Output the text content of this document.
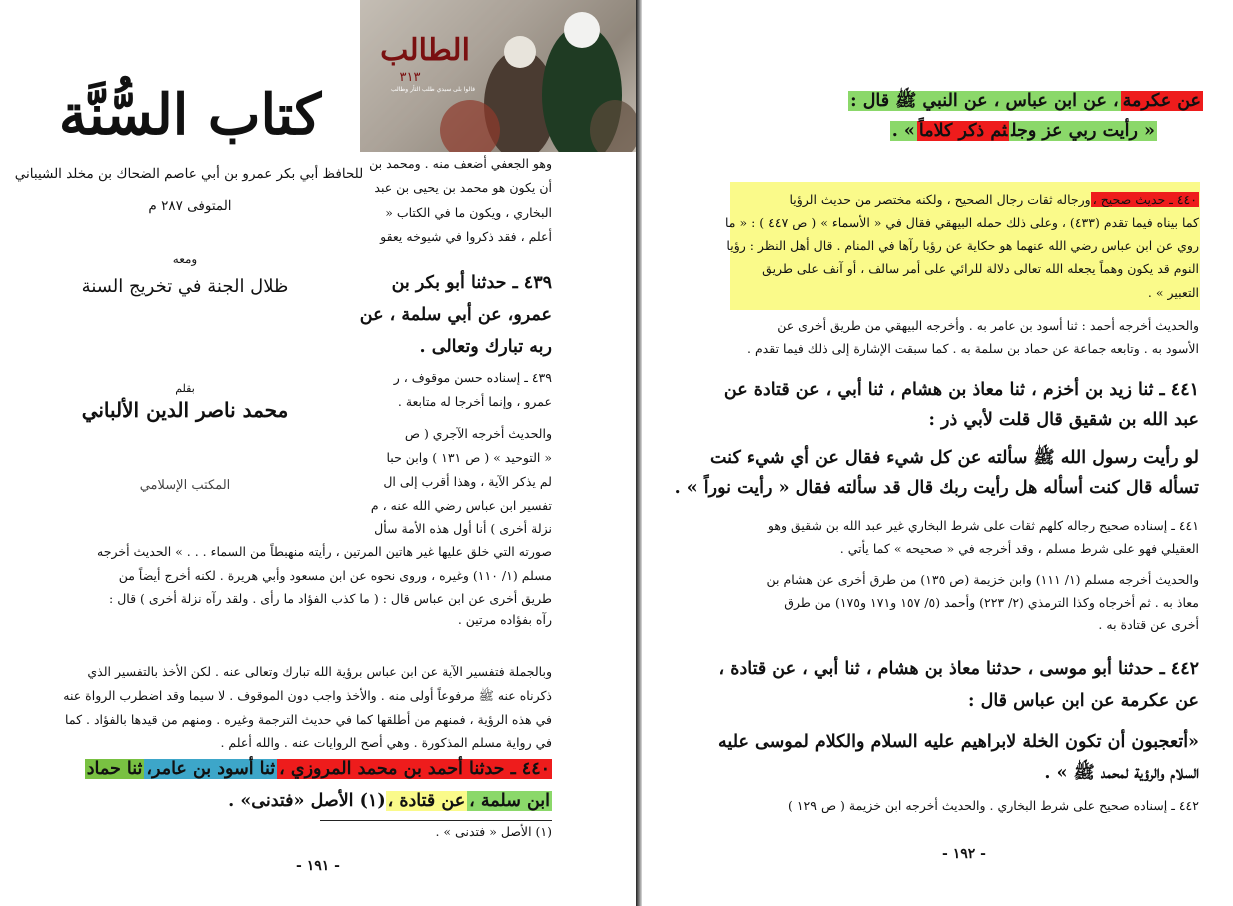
كتاب السُّنَّة
للحافظ أبي بكر عمرو بن أبي عاصم الضحاك بن مخلد الشيباني
المتوفى ٢٨٧ م
ومعه
ظلال الجنة في تخريج السنة
بقلم
محمد ناصر الدين الألباني
المكتب الإسلامي

وهو الجعفي أضعف منه . ومحمد بن

أن يكون هو محمد بن يحيى بن عبد

البخاري ، ويكون ما في الكتاب «

أعلم ، فقد ذكروا في شيوخه يعقو

٤٣٩ ـ حدثنا أبو بكر بن

عمرو، عن أبي سلمة ، عن

ربه تبارك وتعالى .

٤٣٩ ـ إسناده حسن موقوف ، ر

عمرو ، وإنما أخرجا له متابعة .

والحديث أخرجه الآجري ( ص

« التوحيد » ( ص ١٣١ ) وابن حبا

لم يذكر الآية ، وهذا أقرب إلى ال

تفسير ابن عباس رضي الله عنه ، م

نزلة أخرى ) أنا أول هذه الأمة سأل

صورته التي خلق عليها غير هاتين المرتين ، رأيته منهبطاً من السماء . . . » الحديث أخرجه

مسلم (١/ ١١٠) وغيره ، وروى نحوه عن ابن مسعود وأبي هريرة . لكنه أخرج أيضاً من

طريق أخرى عن ابن عباس قال : ( ما كذب الفؤاد ما رأى . ولقد رآه نزلة أخرى ) قال :

رآه بفؤاده مرتين .

وبالجملة فتفسير الآية عن ابن عباس برؤية الله تبارك وتعالى عنه . لكن الأخذ بالتفسير الذي

ذكرناه عنه ﷺ مرفوعاً أولى منه . والأخذ واجب دون الموقوف . لا سيما وقد اضطرب الرواة عنه

في هذه الرؤية ، فمنهم من أطلقها كما في حديث الترجمة وغيره . ومنهم من قيدها بالفؤاد . كما

في رواية مسلم المذكورة . وهي أصح الروايات عنه . والله أعلم .

٤٤٠ ـ حدثنا أحمد بن محمد المروزي ،ثنا أسود بن عامر،ثنا حماد
ابن سلمة ،عن قتادة ،(١) الأصل «فتدنى» .

(١) الأصل « فتدنى » .

- ١٩١ -
الطالب
٣١٣
قالوا بلى سيدي طلب الثأر وطالب
عن عكرمة، عن ابن عباس ، عن النبي ﷺ قال :
« رأيت ربي عز وجلثم ذكر كلاماً» .
٤٤٠ ـ حديث صحيح ،ورجاله ثقات رجال الصحيح ، ولكنه مختصر من حديث الرؤيا

كما بيناه فيما تقدم (٤٣٣) ، وعلى ذلك حمله البيهقي فقال في « الأسماء » ( ص ٤٤٧ ) : « ما

روي عن ابن عباس رضي الله عنهما هو حكاية عن رؤيا رآها في المنام . قال أهل النظر : رؤيا

النوم قد يكون وهماً يجعله الله تعالى دلالة للرائي على أمر سالف ، أو آنف على طريق

التعبير » .

والحديث أخرجه أحمد : ثنا أسود بن عامر به . وأخرجه البيهقي من طريق أخرى عن

الأسود به . وتابعه جماعة عن حماد بن سلمة به . كما سبقت الإشارة إلى ذلك فيما تقدم .

٤٤١ ـ ثنا زيد بن أخزم ، ثنا معاذ بن هشام ، ثنا أبي ، عن قتادة عن

عبد الله بن شقيق قال قلت لأبي ذر :

لو رأيت رسول الله ﷺ سألته عن كل شيء فقال عن أي شيء كنت

تسأله قال كنت أسأله هل رأيت ربك قال قد سألته فقال « رأيت نوراً » .

٤٤١ ـ إسناده صحيح رجاله كلهم ثقات على شرط البخاري غير عبد الله بن شقيق وهو

العقيلي فهو على شرط مسلم ، وقد أخرجه في « صحيحه » كما يأتي .

والحديث أخرجه مسلم (١/ ١١١) وابن خزيمة (ص ١٣٥) من طرق أخرى عن هشام بن

معاذ به . ثم أخرجاه وكذا الترمذي (٢/ ٢٢٣) وأحمد (٥/ ١٥٧ و١٧١ و١٧٥) من طرق

أخرى عن قتادة به .

٤٤٢ ـ حدثنا أبو موسى ، حدثنا معاذ بن هشام ، ثنا أبي ، عن قتادة ،

عن عكرمة عن ابن عباس قال :

«أتعجبون أن تكون الخلة لابراهيم عليه السلام والكلام لموسى عليه

السلام والرؤية لمحمد ﷺ » .

٤٤٢ ـ إسناده صحيح على شرط البخاري . والحديث أخرجه ابن خزيمة ( ص ١٢٩ )

- ١٩٢ -
